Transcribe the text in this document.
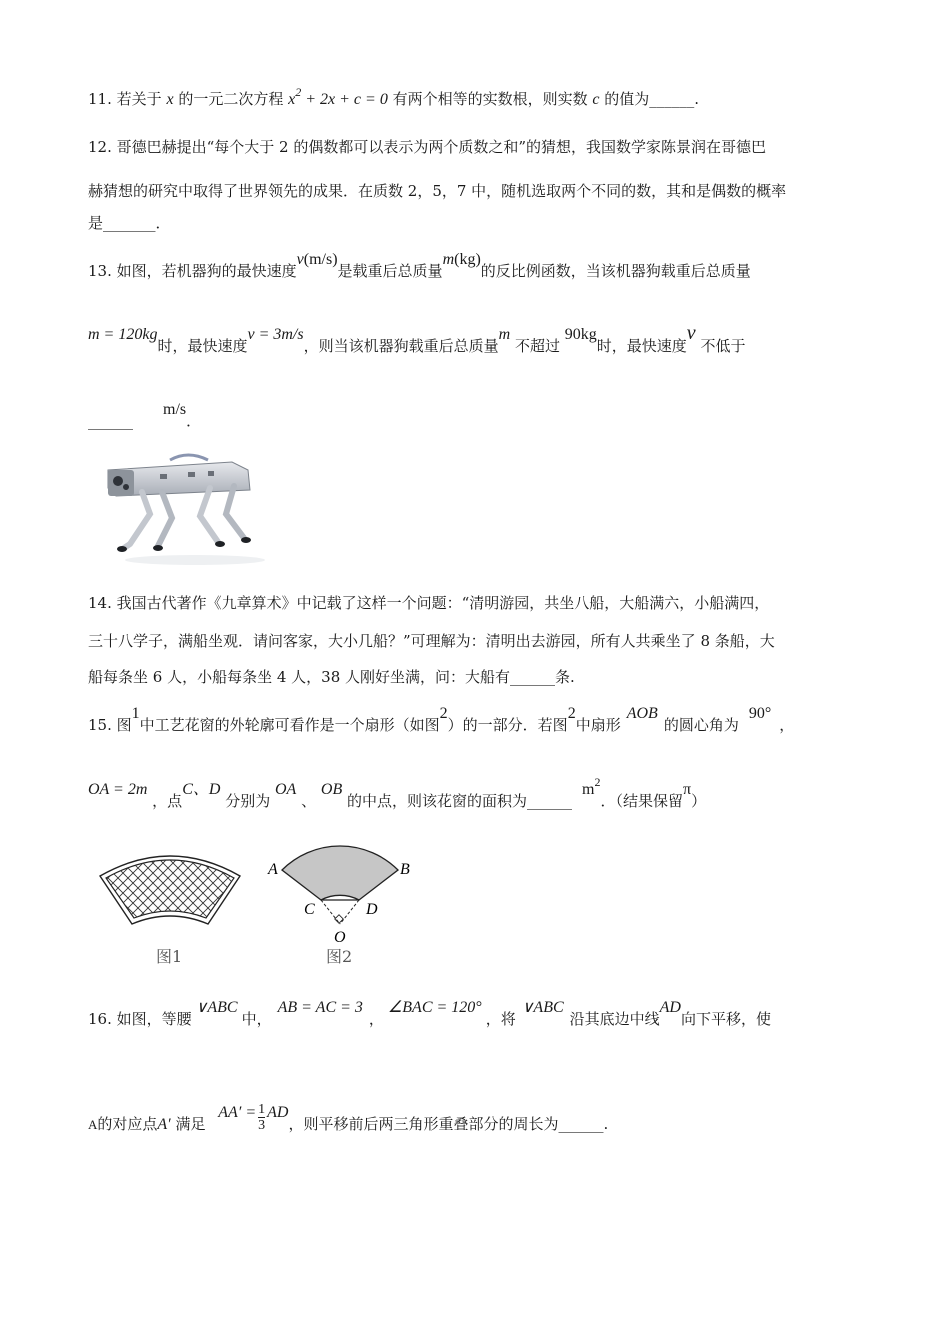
11. 若关于 x 的一元二次方程 $x^2 + 2x + c = 0$ 有两个相等的实数根，则实数 c 的值为______.
12. 哥德巴赫提出“每个大于 2 的偶数都可以表示为两个质数之和”的猜想，我国数学家陈景润在哥德巴
赫猜想的研究中取得了世界领先的成果．在质数 2，5，7 中，随机选取两个不同的数，其和是偶数的概率
是_______．
13. 如图，若机器狗的最快速度v(m/s)是载重后总质量m(kg)的反比例函数，当该机器狗载重后总质量
m = 120kg时，最快速度v = 3m/s，则当该机器狗载重后总质量m 不超过 90kg时，最快速度v 不低于
______m/s．
14. 我国古代著作《九章算术》中记载了这样一个问题：“清明游园，共坐八船，大船满六，小船满四，
三十八学子，满船坐观．请问客家，大小几船？”可理解为：清明出去游园，所有人共乘坐了 8 条船，大
船每条坐 6 人，小船每条坐 4 人，38 人刚好坐满，问：大船有______条.
15. 图1中工艺花窗的外轮廓可看作是一个扇形（如图2）的一部分．若图2中扇形AOB的圆心角为90°，
OA = 2m ，点C、D 分别为 OA 、 OB 的中点，则该花窗的面积为$\_\_\_\_\_\_m^2$．（结果保留π）
图1
A	B
C	D
O
图2
16. 如图，等腰∨ABC中，AB = AC = 3，∠BAC = 120°，将∨ABC沿其底边中线AD向下平移，使
A的对应点A′ 满足 $AA' = \frac{1}{3}$ AD，则平移前后两三角形重叠部分的周长为______.
